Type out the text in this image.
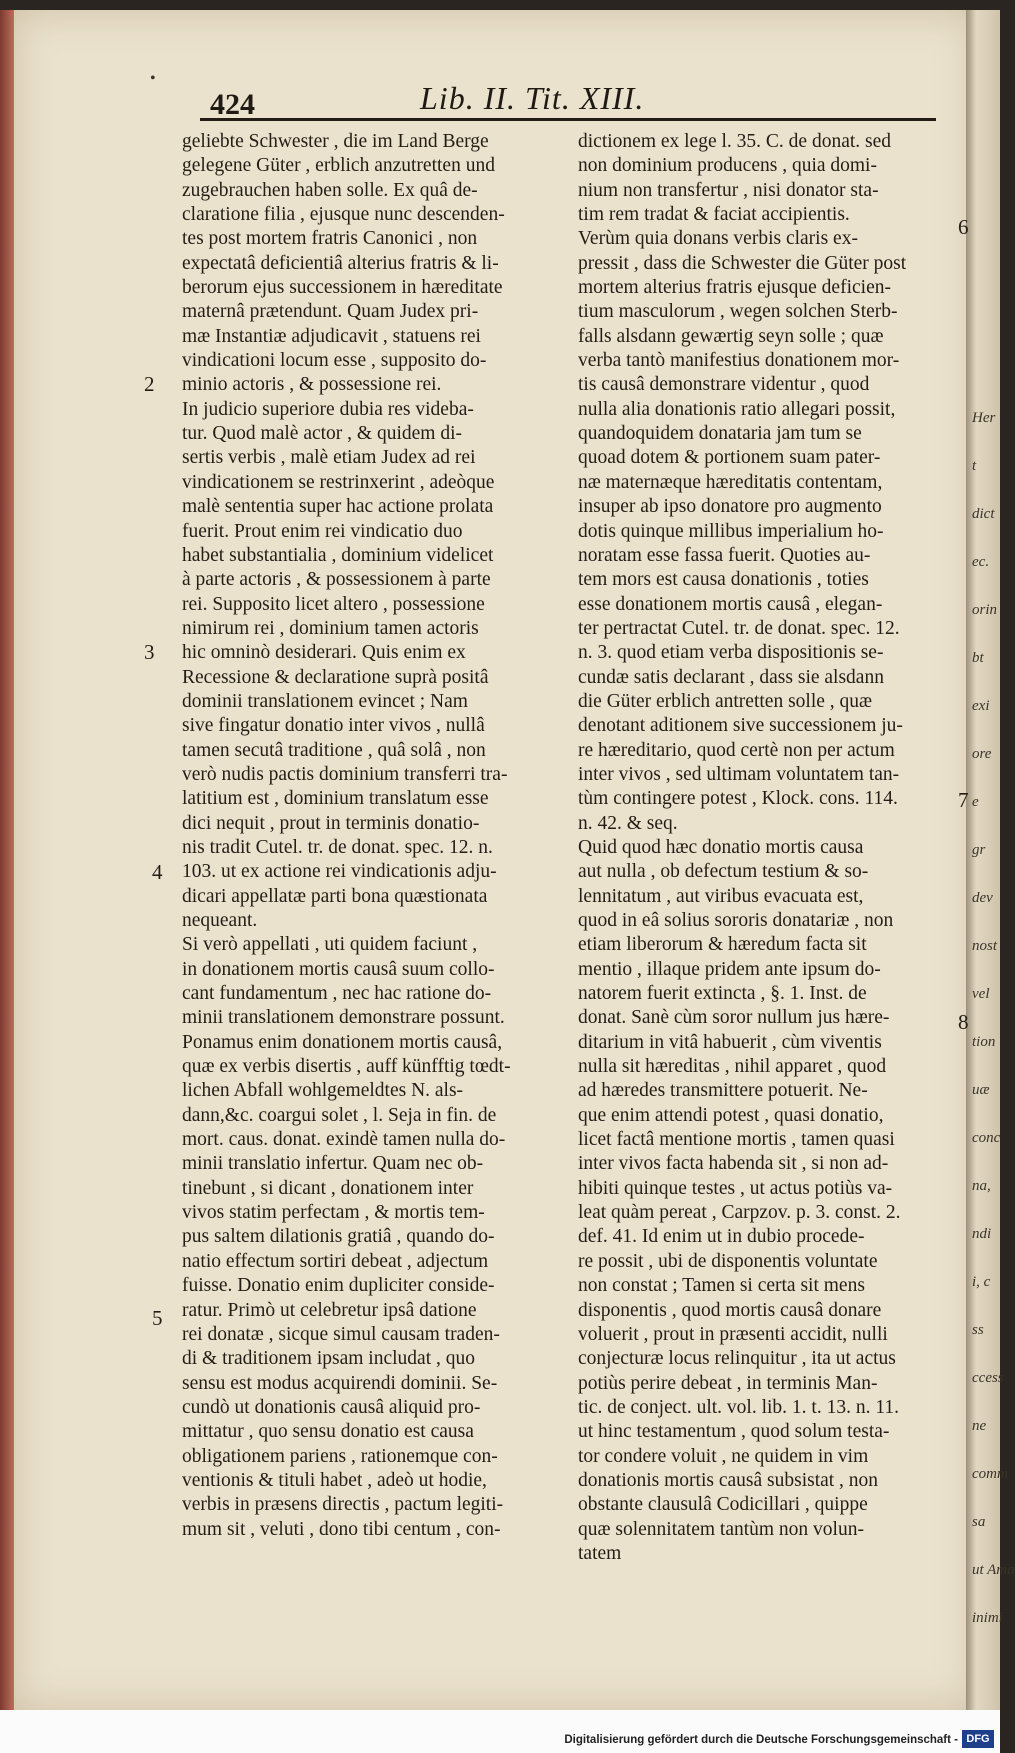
Her
t
dict
ec.
orin
bt
exi
ore
e
gr
dev
nost
vel
tion
uæ
conc
na,
ndi
i, c
ss
ccess
ne
comm
sa
ut Ama
inimi
•
424	Lib. II. Tit. XIII.
geliebte Schwester , die im Land Berge
gelegene Güter , erblich anzutretten und
zugebrauchen haben solle. Ex quâ de-
claratione filia , ejusque nunc descenden-
tes post mortem fratris Canonici , non
expectatâ deficientiâ alterius fratris & li-
berorum ejus successionem in hæreditate
maternâ prætendunt. Quam Judex pri-
mæ Instantiæ adjudicavit , statuens rei
vindicationi locum esse , supposito do-
minio actoris , & possessione rei.
In judicio superiore dubia res videba-
tur. Quod malè actor , & quidem di-
sertis verbis , malè etiam Judex ad rei
vindicationem se restrinxerint , adeòque
malè sententia super hac actione prolata
fuerit. Prout enim rei vindicatio duo
habet substantialia , dominium videlicet
à parte actoris , & possessionem à parte
rei. Supposito licet altero , possessione
nimirum rei , dominium tamen actoris
hic omninò desiderari. Quis enim ex
Recessione & declaratione suprà positâ
dominii translationem evincet ; Nam
sive fingatur donatio inter vivos , nullâ
tamen secutâ traditione , quâ solâ , non
verò nudis pactis dominium transferri tra-
latitium est , dominium translatum esse
dici nequit , prout in terminis donatio-
nis tradit Cutel. tr. de donat. spec. 12. n.
103. ut ex actione rei vindicationis adju-
dicari appellatæ parti bona quæstionata
nequeant.
Si verò appellati , uti quidem faciunt ,
in donationem mortis causâ suum collo-
cant fundamentum , nec hac ratione do-
minii translationem demonstrare possunt.
Ponamus enim donationem mortis causâ,
quæ ex verbis disertis , auff künfftig tœdt-
lichen Abfall wohlgemeldtes N. als-
dann,&c. coargui solet , l. Seja in fin. de
mort. caus. donat. exindè tamen nulla do-
minii translatio infertur. Quam nec ob-
tinebunt , si dicant , donationem inter
vivos statim perfectam , & mortis tem-
pus saltem dilationis gratiâ , quando do-
natio effectum sortiri debeat , adjectum
fuisse. Donatio enim dupliciter conside-
ratur. Primò ut celebretur ipsâ datione
rei donatæ , sicque simul causam traden-
di & traditionem ipsam includat , quo
sensu est modus acquirendi dominii. Se-
cundò ut donationis causâ aliquid pro-
mittatur , quo sensu donatio est causa
obligationem pariens , rationemque con-
ventionis & tituli habet , adeò ut hodie,
verbis in præsens directis , pactum legiti-
mum sit , veluti , dono tibi centum , con-
dictionem ex lege l. 35. C. de donat. sed
non dominium producens , quia domi-
nium non transfertur , nisi donator sta-
tim rem tradat & faciat accipientis.
Verùm quia donans verbis claris ex-
pressit , dass die Schwester die Güter post
mortem alterius fratris ejusque deficien-
tium masculorum , wegen solchen Sterb-
falls alsdann gewærtig seyn solle ; quæ
verba tantò manifestius donationem mor-
tis causâ demonstrare videntur , quod
nulla alia donationis ratio allegari possit,
quandoquidem donataria jam tum se
quoad dotem & portionem suam pater-
næ maternæque hæreditatis contentam,
insuper ab ipso donatore pro augmento
dotis quinque millibus imperialium ho-
noratam esse fassa fuerit. Quoties au-
tem mors est causa donationis , toties
esse donationem mortis causâ , elegan-
ter pertractat Cutel. tr. de donat. spec. 12.
n. 3. quod etiam verba dispositionis se-
cundæ satis declarant , dass sie alsdann
die Güter erblich antretten solle , quæ
denotant aditionem sive successionem ju-
re hæreditario, quod certè non per actum
inter vivos , sed ultimam voluntatem tan-
tùm contingere potest , Klock. cons. 114.
n. 42. & seq.
Quid quod hæc donatio mortis causa
aut nulla , ob defectum testium & so-
lennitatum , aut viribus evacuata est,
quod in eâ solius sororis donatariæ , non
etiam liberorum & hæredum facta sit
mentio , illaque pridem ante ipsum do-
natorem fuerit extincta , §. 1. Inst. de
donat. Sanè cùm soror nullum jus hære-
ditarium in vitâ habuerit , cùm viventis
nulla sit hæreditas , nihil apparet , quod
ad hæredes transmittere potuerit. Ne-
que enim attendi potest , quasi donatio,
licet factâ mentione mortis , tamen quasi
inter vivos facta habenda sit , si non ad-
hibiti quinque testes , ut actus potiùs va-
leat quàm pereat , Carpzov. p. 3. const. 2.
def. 41. Id enim ut in dubio procede-
re possit , ubi de disponentis voluntate
non constat ; Tamen si certa sit mens
disponentis , quod mortis causâ donare
voluerit , prout in præsenti accidit, nulli
conjecturæ locus relinquitur , ita ut actus
potiùs perire debeat , in terminis Man-
tic. de conject. ult. vol. lib. 1. t. 13. n. 11.
ut hinc testamentum , quod solum testa-
tor condere voluit , ne quidem in vim
donationis mortis causâ subsistat , non
obstante clausulâ Codicillari , quippe
quæ solennitatem tantùm non volun-
tatem
2
3
4
5
6
7
8
Digitalisierung gefördert durch die Deutsche Forschungsgemeinschaft - DFG
